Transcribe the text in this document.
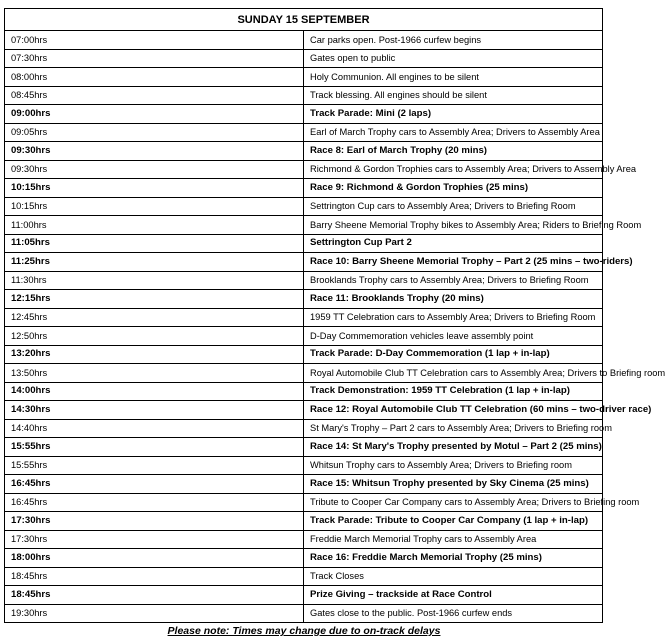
SUNDAY 15 SEPTEMBER	
07:00hrs	Car parks open. Post-1966 curfew begins
07:30hrs	Gates open to public
08:00hrs	Holy Communion. All engines to be silent
08:45hrs	Track blessing. All engines should be silent
09:00hrs	Track Parade: Mini (2 laps)
09:05hrs	Earl of March Trophy cars to Assembly Area; Drivers to Assembly Area
09:30hrs	Race 8: Earl of March Trophy (20 mins)
09:30hrs	Richmond & Gordon Trophies cars to Assembly Area; Drivers to Assembly Area
10:15hrs	Race 9: Richmond & Gordon Trophies (25 mins)
10:15hrs	Settrington Cup cars to Assembly Area; Drivers to Briefing Room
11:00hrs	Barry Sheene Memorial Trophy bikes to Assembly Area; Riders to Briefing Room
11:05hrs	Settrington Cup Part 2
11:25hrs	Race 10: Barry Sheene Memorial Trophy – Part 2 (25 mins – two-riders)
11:30hrs	Brooklands Trophy cars to Assembly Area; Drivers to Briefing Room
12:15hrs	Race 11: Brooklands Trophy (20 mins)
12:45hrs	1959 TT Celebration cars to Assembly Area; Drivers to Briefing Room
12:50hrs	D-Day Commemoration vehicles leave assembly point
13:20hrs	Track Parade: D-Day Commemoration (1 lap + in-lap)
13:50hrs	Royal Automobile Club TT Celebration cars to Assembly Area; Drivers to Briefing room
14:00hrs	Track Demonstration: 1959 TT Celebration (1 lap + in-lap)
14:30hrs	Race 12: Royal Automobile Club TT Celebration (60 mins – two-driver race)
14:40hrs	St Mary's Trophy – Part 2 cars to Assembly Area; Drivers to Briefing room
15:55hrs	Race 14: St Mary's Trophy presented by Motul – Part 2 (25 mins)
15:55hrs	Whitsun Trophy cars to Assembly Area; Drivers to Briefing room
16:45hrs	Race 15: Whitsun Trophy presented by Sky Cinema (25 mins)
16:45hrs	Tribute to Cooper Car Company cars to Assembly Area; Drivers to Briefing room
17:30hrs	Track Parade: Tribute to Cooper Car Company (1 lap + in-lap)
17:30hrs	Freddie March Memorial Trophy cars to Assembly Area
18:00hrs	Race 16: Freddie March Memorial Trophy (25 mins)
18:45hrs	Track Closes
18:45hrs	Prize Giving – trackside at Race Control
19:30hrs	Gates close to the public. Post-1966 curfew ends
Please note: Times may change due to on-track delays
